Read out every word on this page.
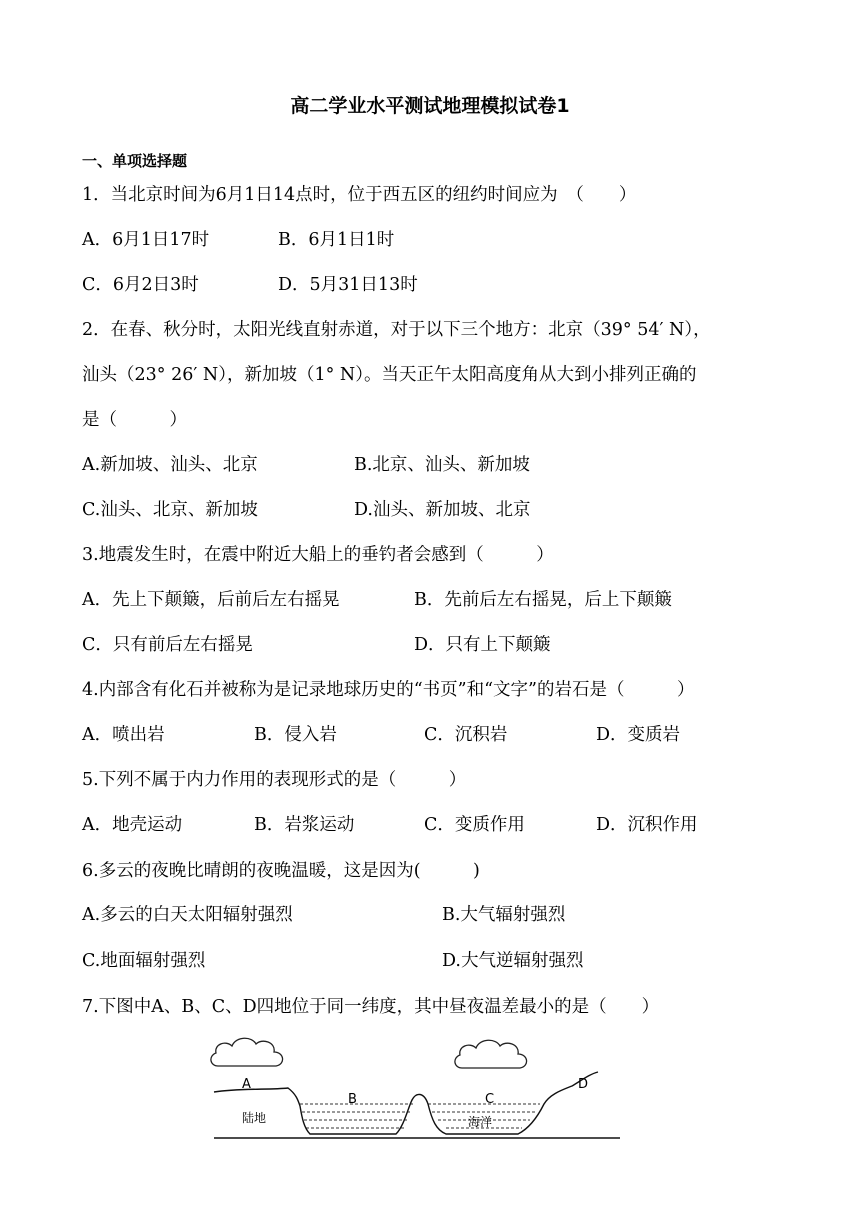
高二学业水平测试地理模拟试卷1
一、单项选择题
1．当北京时间为6月1日14点时，位于西五区的纽约时间应为　（　　）
A．6月1日17时	B．6月1日1时
C．6月2日3时	D．5月31日13时
2．在春、秋分时，太阳光线直射赤道，对于以下三个地方：北京（39° 54′ N），
汕头（23° 26′ N），新加坡（1° N）。当天正午太阳高度角从大到小排列正确的
是（　　　）
A.新加坡、汕头、北京	B.北京、汕头、新加坡
C.汕头、北京、新加坡	D.汕头、新加坡、北京
3.地震发生时，在震中附近大船上的垂钓者会感到（　　　）
A．先上下颠簸，后前后左右摇晃	B．先前后左右摇晃，后上下颠簸
C．只有前后左右摇晃	D．只有上下颠簸
4.内部含有化石并被称为是记录地球历史的“书页”和“文字”的岩石是（　　　）
A．喷出岩	B．侵入岩	C．沉积岩	D．变质岩
5.下列不属于内力作用的表现形式的是（　　　）
A．地壳运动	B．岩浆运动	C．变质作用	D．沉积作用
6.多云的夜晚比晴朗的夜晚温暖，这是因为(　　　)
A.多云的白天太阳辐射强烈	B.大气辐射强烈
C.地面辐射强烈	D.大气逆辐射强烈
7.下图中A、B、C、D四地位于同一纬度，其中昼夜温差最小的是（　　）
A
B	C
D
陆地	海洋
